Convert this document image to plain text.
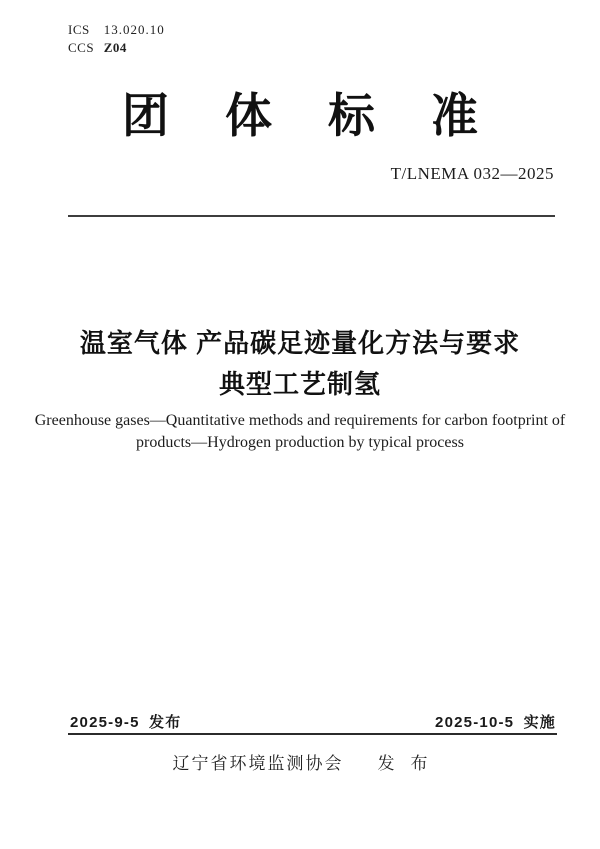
ICS 13.020.10
CCS Z04
团体标准
T/LNEMA 032—2025
温室气体 产品碳足迹量化方法与要求
典型工艺制氢
Greenhouse gases—Quantitative methods and requirements for carbon footprint of
products—Hydrogen production by typical process
2025-9-5 发布	2025-10-5 实施
辽宁省环境监测协会 发布
